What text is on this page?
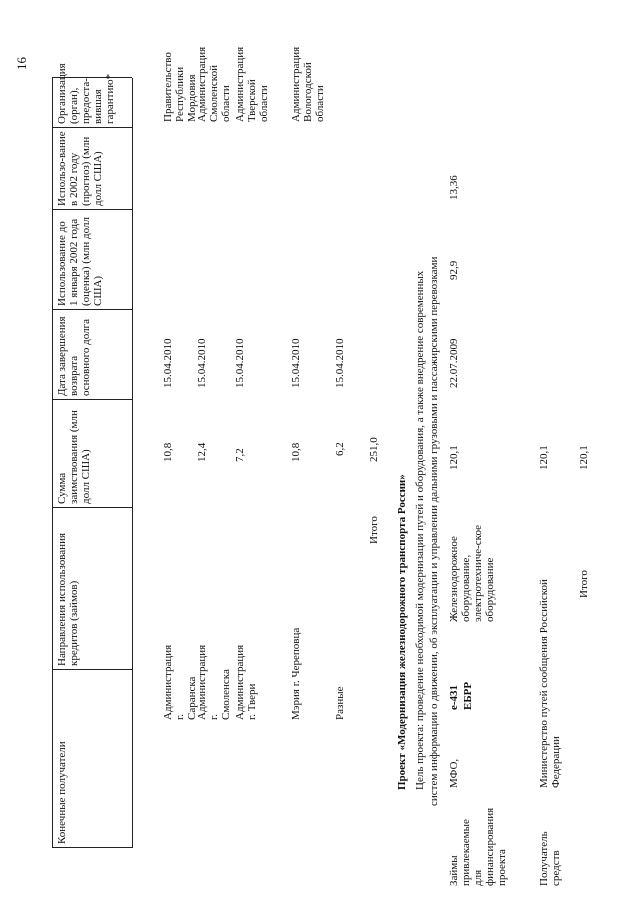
16
Конечные получатели
Направления использования кредитов (займов)
Сумма заимствования (млн долл США)
Дата завершения возврата основного долга
Использование до 1 января 2002 года (оценка) (млн долл США)
Использо-вание в 2002 году (прогноз) (млн долл США)
Организация (орган), предоста-вившая гарантию*
Администрация г. Саранска
10,8
15.04.2010
Правительство Республики Мордовия
Администрация г. Смоленска
12,4
15.04.2010
Администрация Смоленской области
Администрация г. Твери
7,2
15.04.2010
Администрация Тверской области
Мэрия г. Череповца
10,8
15.04.2010
Администрация Вологодской области
Разные
6,2
15.04.2010
Итого
251,0
Проект «Модернизация железнодорожного транспорта России» Цель проекта: проведение необходимой модернизации путей и оборудования, а также внедрение современных систем информации о движении, об эксплуатации и управлении дальними грузовыми и пассажирскими перевозками
Займы привлекаемые для финансирования проекта
МФО,
е-431 ЕБРР
Железнодорожное оборудование, электротехниче-ское оборудование
120,1
22.07.2009
92,9
13,36
Получатель средств
Министерство путей сообщения Российской Федерации
120,1
Итого
120,1
